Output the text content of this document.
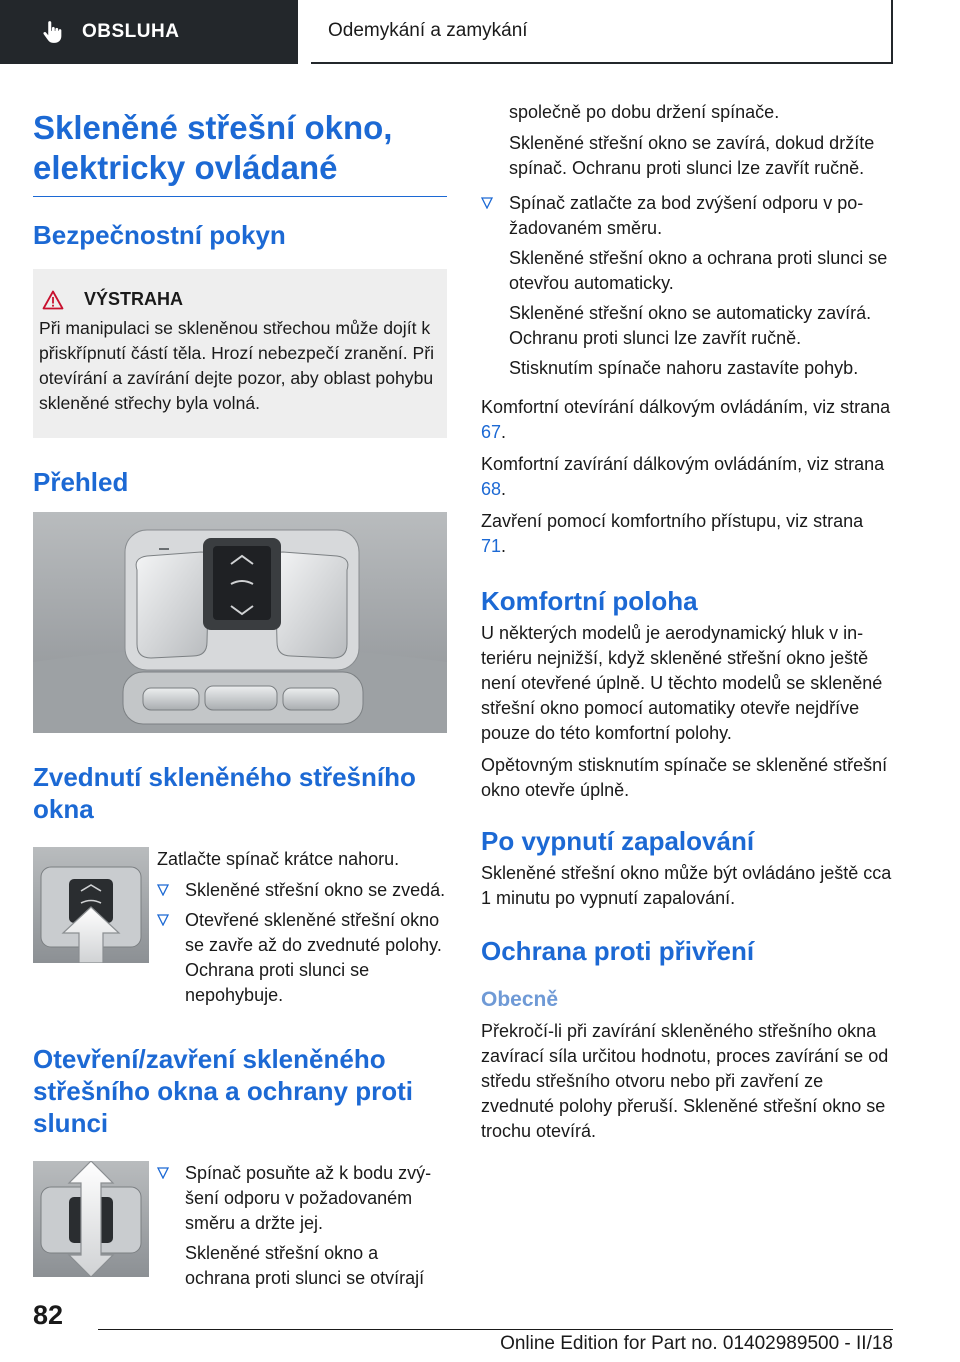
OBSLUHA	Odemykání a zamykání
Skleněné střešní okno, elektricky ovládané
Bezpečnostní pokyn
VÝSTRAHA

Při manipulaci se skleněnou střechou může dojít k přiskřípnutí částí těla. Hrozí nebezpečí zranění. Při otevírání a zavírání dejte pozor, aby oblast pohybu skleněné střechy byla volná.

Přehled
Zvednutí skleněného střešního okna

Zatlačte spínač krátce nahoru.

Skleněné střešní okno se zvedá.

Otevřené skleněné střešní okno se zavře až do zvednuté polohy. Ochrana proti slunci se nepohybuje.

Otevření/zavření skleněného střešního okna a ochrany proti slunci

Spínač posuňte až k bodu zvýšení odporu v požadovaném směru a držte jej.

Skleněné střešní okno a ochrana proti slunci se otvírají

společně po dobu držení spínače.

Skleněné střešní okno se zavírá, dokud držíte spínač. Ochranu proti slunci lze zavřít ručně.

Spínač zatlačte za bod zvýšení odporu v požadovaném směru.

Skleněné střešní okno a ochrana proti slunci se otevřou automaticky.

Skleněné střešní okno se automaticky zavírá. Ochranu proti slunci lze zavřít ručně.

Stisknutím spínače nahoru zastavíte pohyb.

Komfortní otevírání dálkovým ovládáním, viz strana 67.

Komfortní zavírání dálkovým ovládáním, viz strana 68.

Zavření pomocí komfortního přístupu, viz strana 71.

Komfortní poloha

U některých modelů je aerodynamický hluk v interiéru nejnižší, když skleněné střešní okno ještě není otevřené úplně. U těchto modelů se skleněné střešní okno pomocí automatiky otevře nejdříve pouze do této komfortní polohy.

Opětovným stisknutím spínače se skleněné střešní okno otevře úplně.

Po vypnutí zapalování

Skleněné střešní okno může být ovládáno ještě cca 1 minutu po vypnutí zapalování.

Ochrana proti přivření
Obecně

Překročí-li při zavírání skleněného střešního okna zavírací síla určitou hodnotu, proces zavírání se od středu střešního otvoru nebo při zavření ze zvednuté polohy přeruší. Skleněné střešní okno se trochu otevírá.

82
Online Edition for Part no. 01402989500 - II/18
